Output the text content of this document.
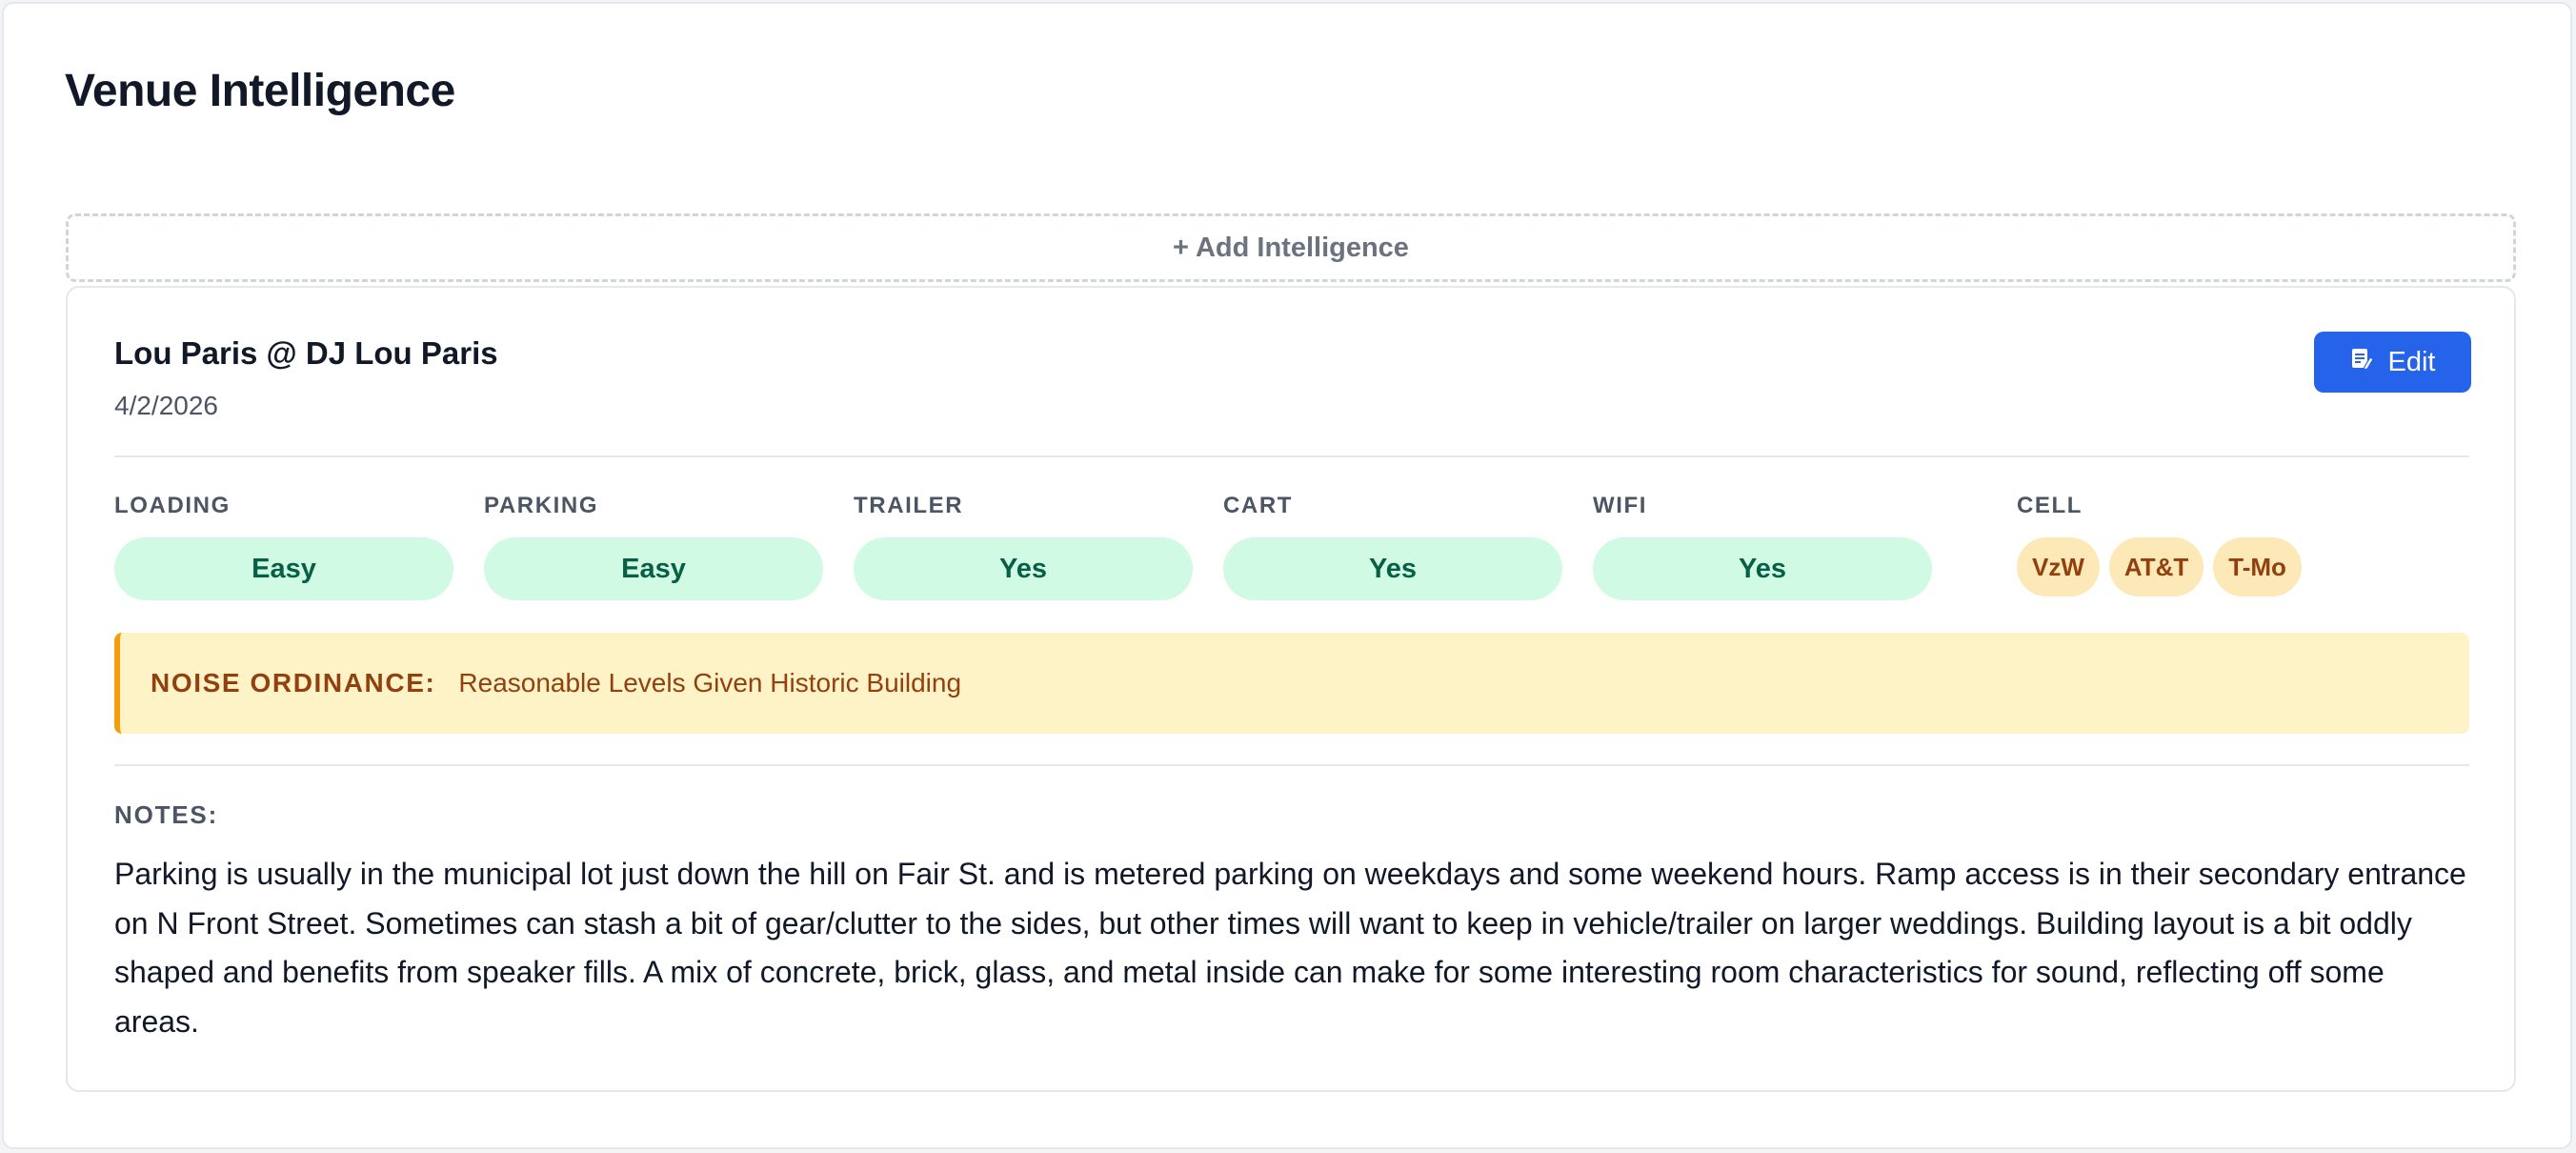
Venue Intelligence
+ Add Intelligence
Lou Paris @ DJ Lou Paris
4/2/2026
Edit
LOADING
Easy
PARKING
Easy
TRAILER
Yes
CART
Yes
WIFI
Yes
CELL
VzW	AT&T	T-Mo
NOISE ORDINANCE: Reasonable Levels Given Historic Building
NOTES:

Parking is usually in the municipal lot just down the hill on Fair St. and is metered parking on weekdays and some weekend hours. Ramp access is in their secondary entrance on N Front Street. Sometimes can stash a bit of gear/clutter to the sides, but other times will want to keep in vehicle/trailer on larger weddings. Building layout is a bit oddly shaped and benefits from speaker fills. A mix of concrete, brick, glass, and metal inside can make for some interesting room characteristics for sound, reflecting off some areas.
